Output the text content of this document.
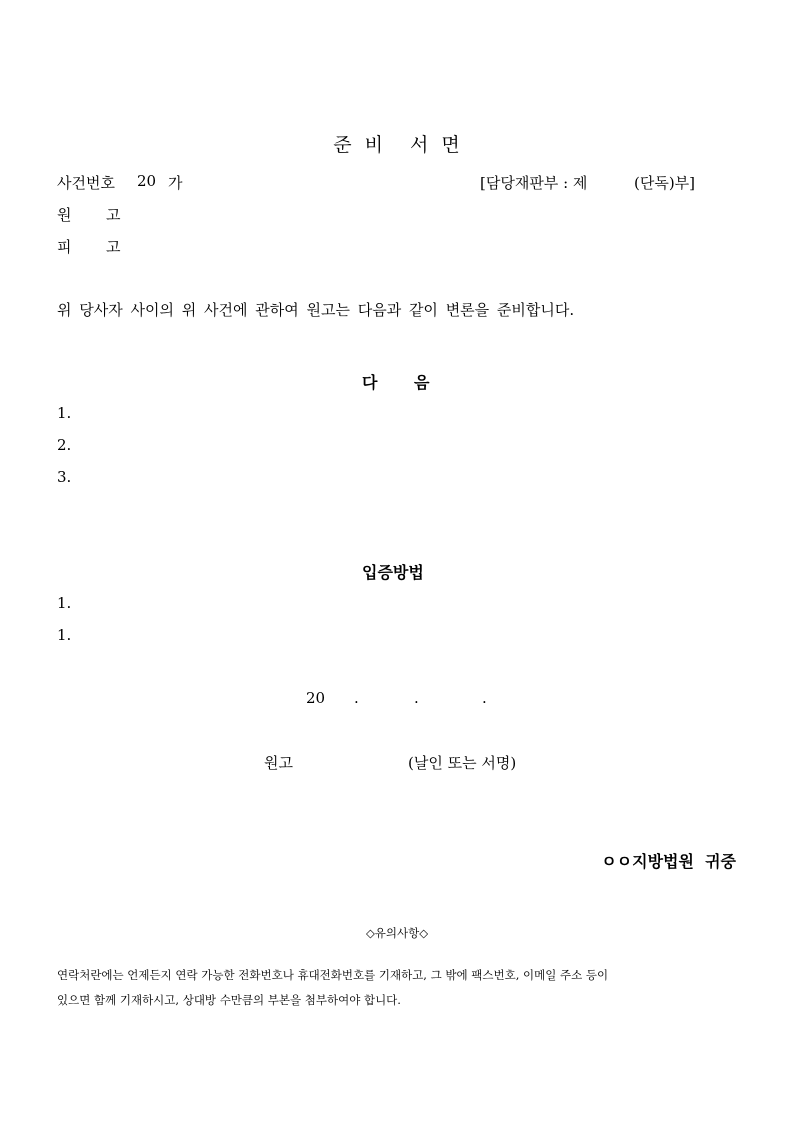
준 비 서 면
사건번호 20 가	[담당재판부 : 제	(단독)부]
원 고
피 고
위 당사자 사이의 위 사건에 관하여 원고는 다음과 같이 변론을 준비합니다.
다 음
1.
2.
3.
입증방법
1.
1.
20 .	.	.
원고	(날인 또는 서명)
ㅇㅇ지방법원  귀중
◇유의사항◇
연락처란에는 언제든지 연락 가능한 전화번호나 휴대전화번호를 기재하고, 그 밖에 팩스번호, 이메일 주소 등이
있으면 함께 기재하시고, 상대방 수만큼의 부본을 첨부하여야 합니다.
